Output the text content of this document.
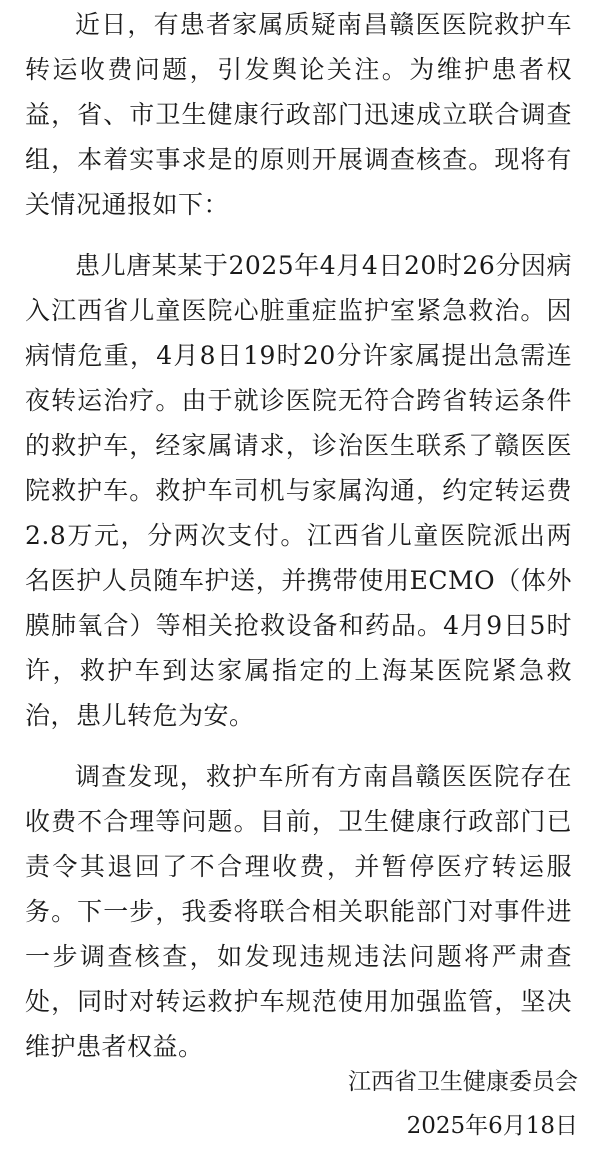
近日，有患者家属质疑南昌赣医医院救护车转运收费问题，引发舆论关注。为维护患者权益，省、市卫生健康行政部门迅速成立联合调查组，本着实事求是的原则开展调查核查。现将有关情况通报如下：

患儿唐某某于2025年4月4日20时26分因病入江西省儿童医院心脏重症监护室紧急救治。因病情危重，4月8日19时20分许家属提出急需连夜转运治疗。由于就诊医院无符合跨省转运条件的救护车，经家属请求，诊治医生联系了赣医医院救护车。救护车司机与家属沟通，约定转运费2.8万元，分两次支付。江西省儿童医院派出两名医护人员随车护送，并携带使用ECMO（体外膜肺氧合）等相关抢救设备和药品。4月9日5时许，救护车到达家属指定的上海某医院紧急救治，患儿转危为安。

调查发现，救护车所有方南昌赣医医院存在收费不合理等问题。目前，卫生健康行政部门已责令其退回了不合理收费，并暂停医疗转运服务。下一步，我委将联合相关职能部门对事件进一步调查核查，如发现违规违法问题将严肃查处，同时对转运救护车规范使用加强监管，坚决维护患者权益。

江西省卫生健康委员会
2025年6月18日
